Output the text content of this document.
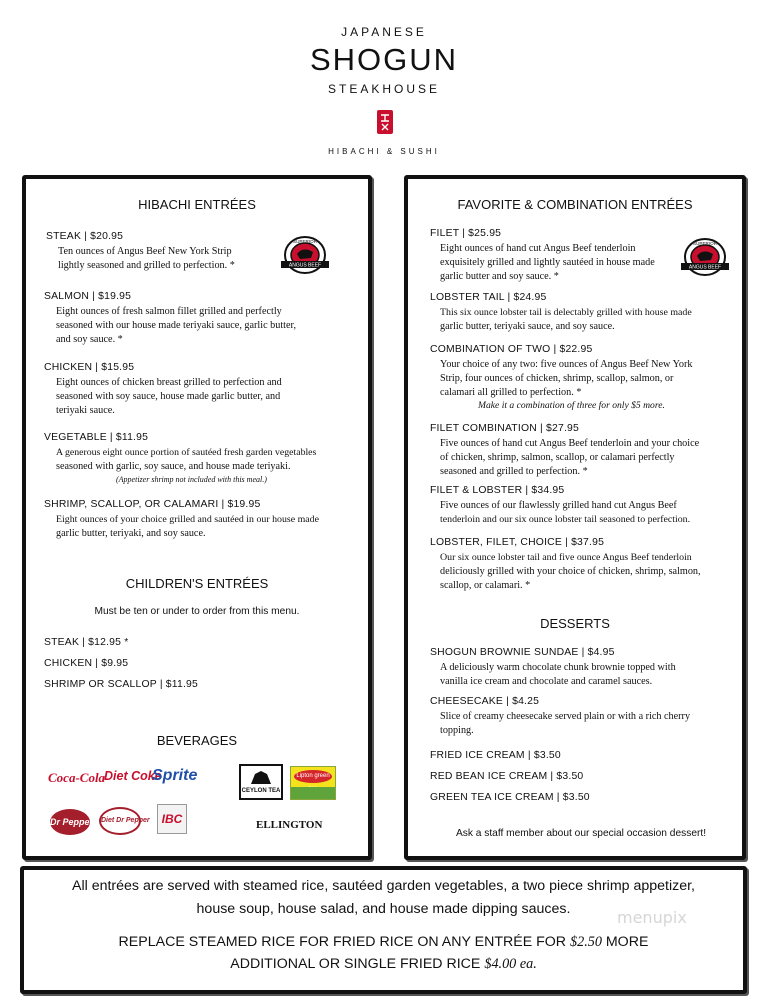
JAPANESE
SHOGUN
STEAKHOUSE
HIBACHI & SUSHI
HIBACHI ENTRÉES
ANGUS BEEF
SUPERIOR
STEAK | $20.95
Ten ounces of Angus Beef New York Strip
lightly seasoned and grilled to perfection. *
SALMON | $19.95
Eight ounces of fresh salmon fillet grilled and perfectly
seasoned with our house made teriyaki sauce, garlic butter,
and soy sauce. *
CHICKEN | $15.95
Eight ounces of chicken breast grilled to perfection and
seasoned with soy sauce, house made garlic butter, and
teriyaki sauce.
VEGETABLE | $11.95
A generous eight ounce portion of sautéed fresh garden vegetables
seasoned with garlic, soy sauce, and house made teriyaki.
(Appetizer shrimp not included with this meal.)
SHRIMP, SCALLOP, OR CALAMARI | $19.95
Eight ounces of your choice grilled and sautéed in our house made
garlic butter, teriyaki, and soy sauce.
CHILDREN'S ENTRÉES
Must be ten or under to order from this menu.
STEAK | $12.95 *
CHICKEN | $9.95
SHRIMP OR SCALLOP | $11.95
BEVERAGES
Coca-Cola
Diet Coke
Sprite
CEYLON TEA
Lipton green
Dr Pepper Diet Dr Pepper	IBC	ELLINGTON
FAVORITE & COMBINATION ENTRÉES
ANGUS BEEF
SUPERIOR
FILET | $25.95
Eight ounces of hand cut Angus Beef tenderloin
exquisitely grilled and lightly sautéed in house made
garlic butter and soy sauce. *
LOBSTER TAIL | $24.95
This six ounce lobster tail is delectably grilled with house made
garlic butter, teriyaki sauce, and soy sauce.
COMBINATION OF TWO | $22.95
Your choice of any two: five ounces of Angus Beef New York
Strip, four ounces of chicken, shrimp, scallop, salmon, or
calamari all grilled to perfection. *
Make it a combination of three for only $5 more.
FILET COMBINATION | $27.95
Five ounces of hand cut Angus Beef tenderloin and your choice
of chicken, shrimp, salmon, scallop, or calamari perfectly
seasoned and grilled to perfection. *
FILET & LOBSTER | $34.95
Five ounces of our flawlessly grilled hand cut Angus Beef
tenderloin and our six ounce lobster tail seasoned to perfection.
LOBSTER, FILET, CHOICE | $37.95
Our six ounce lobster tail and five ounce Angus Beef tenderloin
deliciously grilled with your choice of chicken, shrimp, salmon,
scallop, or calamari. *
DESSERTS
SHOGUN BROWNIE SUNDAE | $4.95
A deliciously warm chocolate chunk brownie topped with
vanilla ice cream and chocolate and caramel sauces.
CHEESECAKE | $4.25
Slice of creamy cheesecake served plain or with a rich cherry
topping.
FRIED ICE CREAM | $3.50
RED BEAN ICE CREAM | $3.50
GREEN TEA ICE CREAM | $3.50
Ask a staff member about our special occasion dessert!
All entrées are served with steamed rice, sautéed garden vegetables, a two piece shrimp appetizer,
house soup, house salad, and house made dipping sauces.
REPLACE STEAMED RICE FOR FRIED RICE ON ANY ENTRÉE FOR $2.50 MORE
ADDITIONAL OR SINGLE FRIED RICE $4.00 ea.
menupix
